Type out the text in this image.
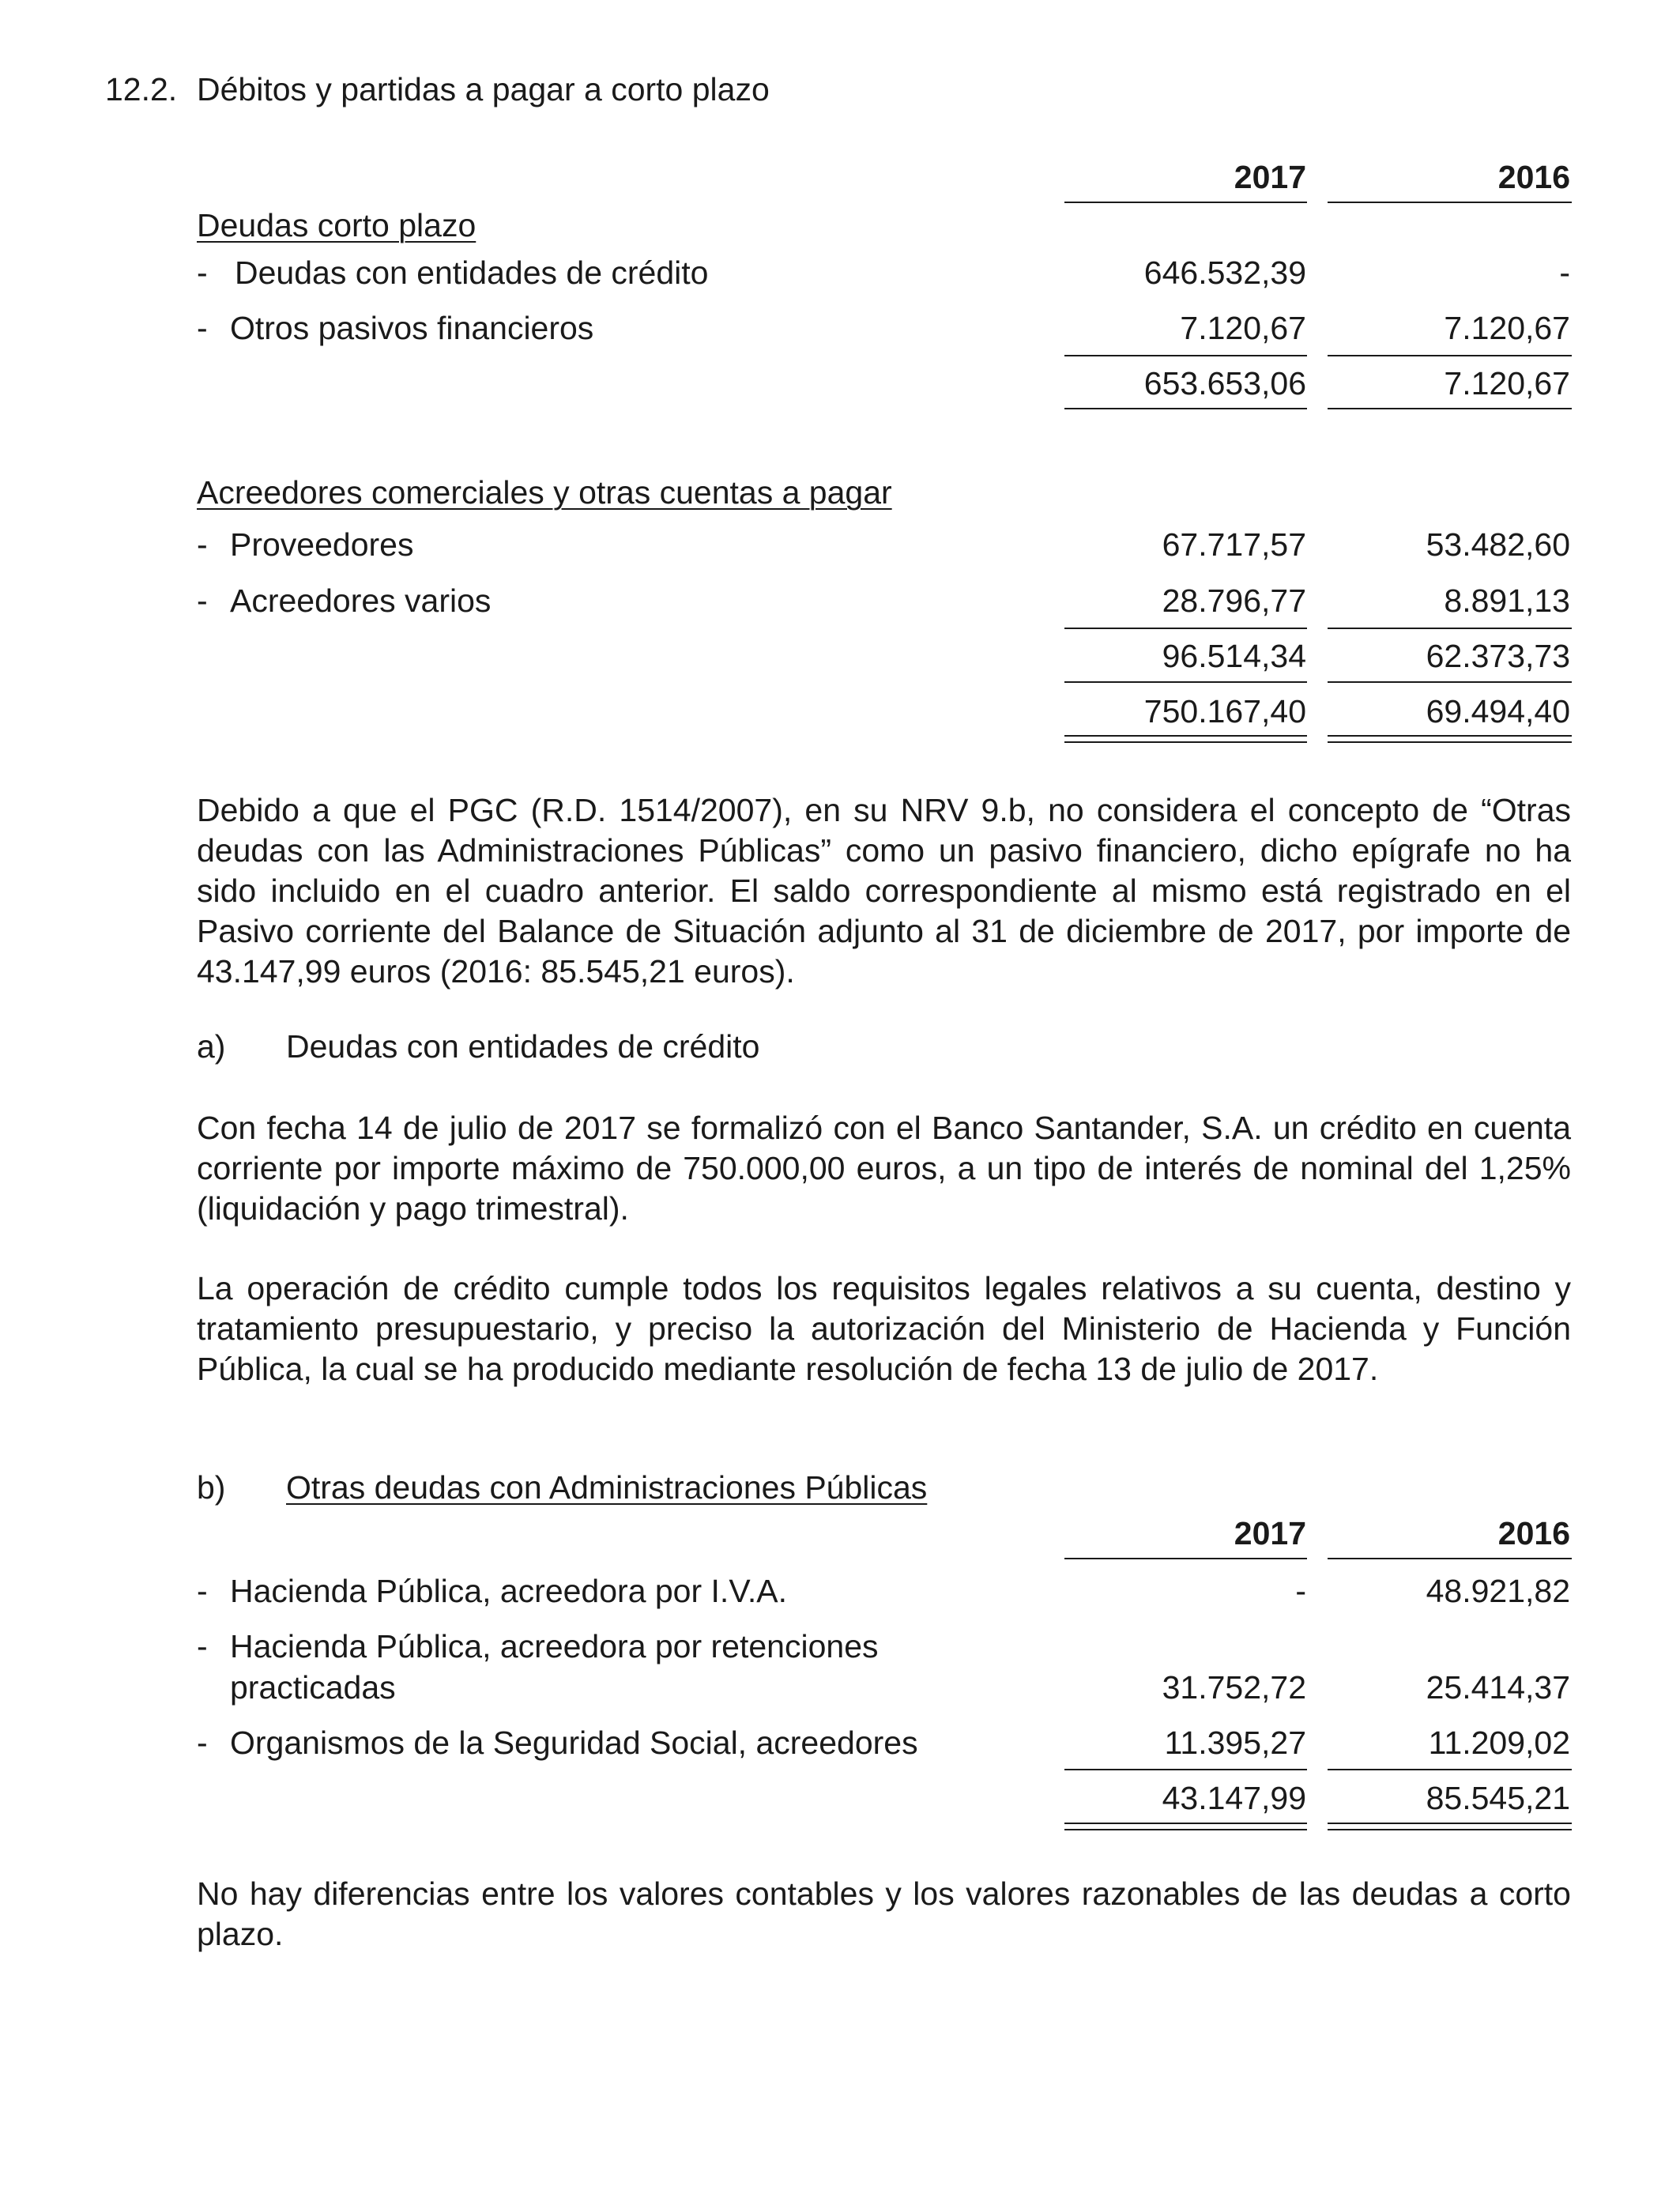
12.2. Débitos y partidas a pagar a corto plazo
2017	2016
Deudas corto plazo
- Deudas con entidades de crédito	646.532,39	-
- Otros pasivos financieros	7.120,67	7.120,67
653.653,06	7.120,67
Acreedores comerciales y otras cuentas a pagar
- Proveedores	67.717,57	53.482,60
- Acreedores varios	28.796,77	8.891,13
96.514,34	62.373,73
750.167,40	69.494,40
Debido a que el PGC (R.D. 1514/2007), en su NRV 9.b, no considera el concepto de “Otras deudas con las Administraciones Públicas” como un pasivo financiero, dicho epígrafe no ha sido incluido en el cuadro anterior. El saldo correspondiente al mismo está registrado en el Pasivo corriente del Balance de Situación adjunto al 31 de diciembre de 2017, por importe de 43.147,99 euros (2016: 85.545,21 euros).
a) Deudas con entidades de crédito
Con fecha 14 de julio de 2017 se formalizó con el Banco Santander, S.A. un crédito en cuenta corriente por importe máximo de 750.000,00 euros, a un tipo de interés de nominal del 1,25% (liquidación y pago trimestral).
La operación de crédito cumple todos los requisitos legales relativos a su cuenta, destino y tratamiento presupuestario, y preciso la autorización del Ministerio de Hacienda y Función Pública, la cual se ha producido mediante resolución de fecha 13 de julio de 2017.
b) Otras deudas con Administraciones Públicas
2017	2016
- Hacienda Pública, acreedora por I.V.A.	-	48.921,82
- Hacienda Pública, acreedora por retenciones
practicadas	31.752,72	25.414,37
- Organismos de la Seguridad Social, acreedores	11.395,27	11.209,02
43.147,99	85.545,21
No hay diferencias entre los valores contables y los valores razonables de las deudas a corto plazo.
